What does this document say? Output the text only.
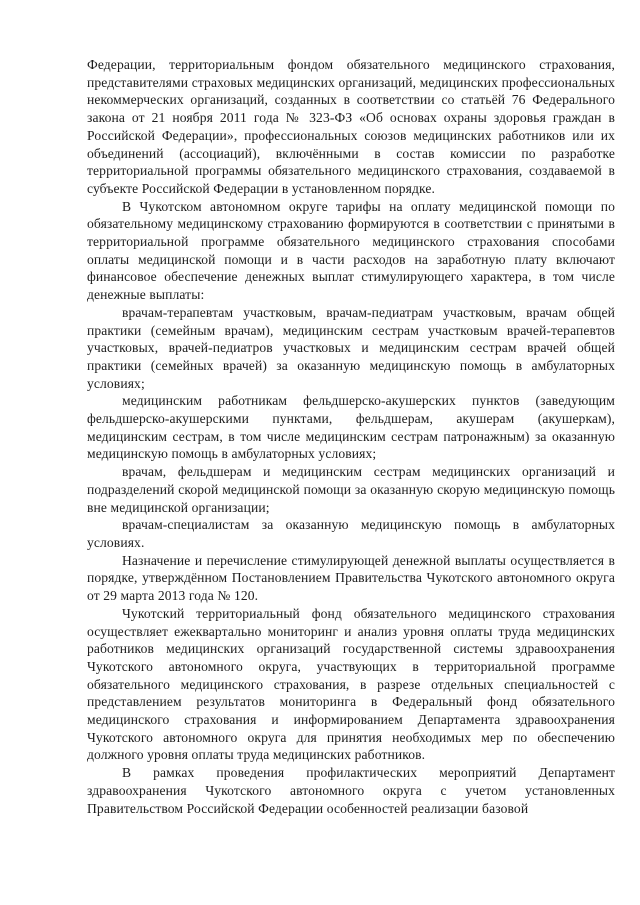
Федерации, территориальным фондом обязательного медицинского страхования, представителями страховых медицинских организаций, медицинских профессиональных некоммерческих организаций, созданных в соответствии со статьёй 76 Федерального закона от 21 ноября 2011 года № 323-ФЗ «Об основах охраны здоровья граждан в Российской Федерации», профессиональных союзов медицинских работников или их объединений (ассоциаций), включёнными в состав комиссии по разработке территориальной программы обязательного медицинского страхования, создаваемой в субъекте Российской Федерации в установленном порядке.

В Чукотском автономном округе тарифы на оплату медицинской помощи по обязательному медицинскому страхованию формируются в соответствии с принятыми в территориальной программе обязательного медицинского страхования способами оплаты медицинской помощи и в части расходов на заработную плату включают финансовое обеспечение денежных выплат стимулирующего характера, в том числе денежные выплаты:

врачам-терапевтам участковым, врачам-педиатрам участковым, врачам общей практики (семейным врачам), медицинским сестрам участковым врачей-терапевтов участковых, врачей-педиатров участковых и медицинским сестрам врачей общей практики (семейных врачей) за оказанную медицинскую помощь в амбулаторных условиях;

медицинским работникам фельдшерско-акушерских пунктов (заведующим фельдшерско-акушерскими пунктами, фельдшерам, акушерам (акушеркам), медицинским сестрам, в том числе медицинским сестрам патронажным) за оказанную медицинскую помощь в амбулаторных условиях;

врачам, фельдшерам и медицинским сестрам медицинских организаций и подразделений скорой медицинской помощи за оказанную скорую медицинскую помощь вне медицинской организации;

врачам-специалистам за оказанную медицинскую помощь в амбулаторных условиях.

Назначение и перечисление стимулирующей денежной выплаты осуществляется в порядке, утверждённом Постановлением Правительства Чукотского автономного округа от 29 марта 2013 года № 120.

Чукотский территориальный фонд обязательного медицинского страхования осуществляет ежеквартально мониторинг и анализ уровня оплаты труда медицинских работников медицинских организаций государственной системы здравоохранения Чукотского автономного округа, участвующих в территориальной программе обязательного медицинского страхования, в разрезе отдельных специальностей с представлением результатов мониторинга в Федеральный фонд обязательного медицинского страхования и информированием Департамента здравоохранения Чукотского автономного округа для принятия необходимых мер по обеспечению должного уровня оплаты труда медицинских работников.

В рамках проведения профилактических мероприятий Департамент здравоохранения Чукотского автономного округа с учетом установленных Правительством Российской Федерации особенностей реализации базовой
